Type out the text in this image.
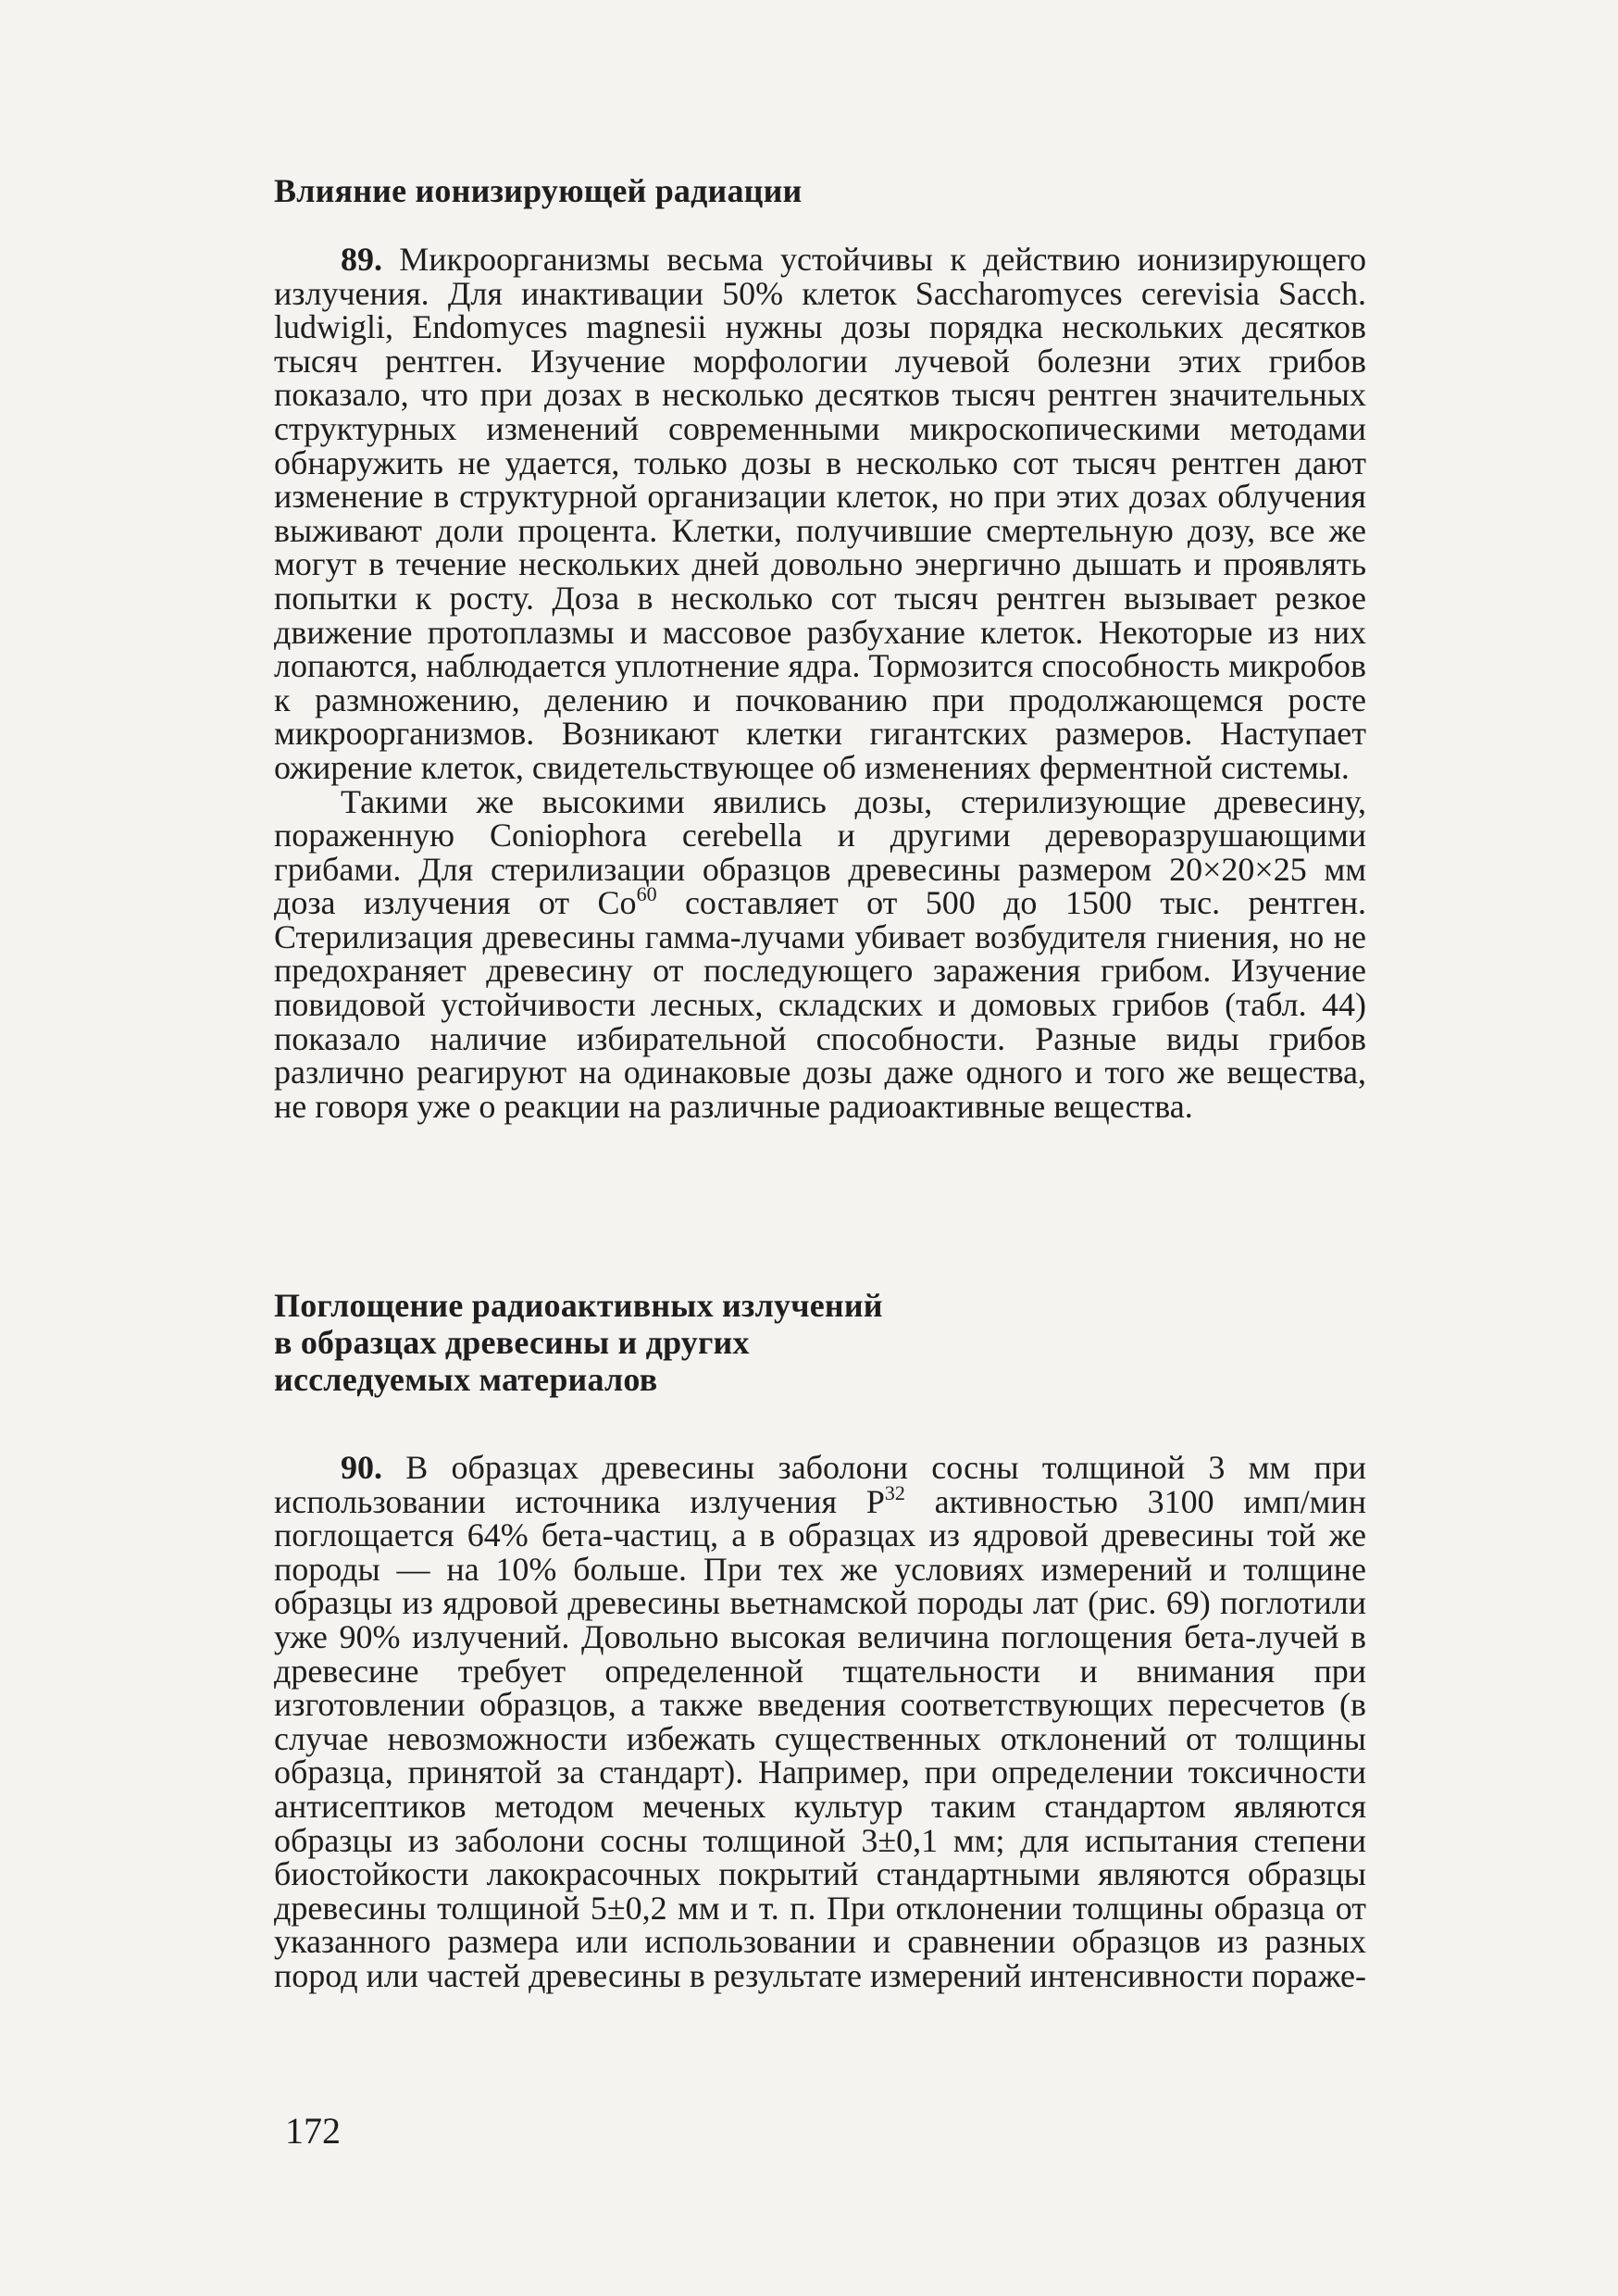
Влияние ионизирующей радиации

89. Микроорганизмы весьма устойчивы к действию ионизирующего излучения. Для инактивации 50% клеток Saccharomyces cerevisia Sacch. ludwigli, Endomyces magnesii нужны дозы порядка нескольких десятков тысяч рентген. Изучение морфологии лучевой болезни этих грибов показало, что при дозах в несколько десятков тысяч рентген значительных структурных изменений современными микроскопическими методами обнаружить не удается, только дозы в несколько сот тысяч рентген дают изменение в структурной организации клеток, но при этих дозах облучения выживают доли процента. Клетки, получившие смертельную дозу, все же могут в течение нескольких дней довольно энергично дышать и проявлять попытки к росту. Доза в несколько сот тысяч рентген вызывает резкое движение протоплазмы и массовое разбухание клеток. Некоторые из них лопаются, наблюдается уплотнение ядра. Тормозится способность микробов к размножению, делению и почкованию при продолжающемся росте микроорганизмов. Возникают клетки гигантских размеров. Наступает ожирение клеток, свидетельствующее об изменениях ферментной системы.

Такими же высокими явились дозы, стерилизующие древесину, пораженную Coniophora cerebella и другими дереворазрушающими грибами. Для стерилизации образцов древесины размером 20×20×25 мм доза излучения от Co$^{60}$ составляет от 500 до 1500 тыс. рентген. Стерилизация древесины гамма-лучами убивает возбудителя гниения, но не предохраняет древесину от последующего заражения грибом. Изучение повидовой устойчивости лесных, складских и домовых грибов (табл. 44) показало наличие избирательной способности. Разные виды грибов различно реагируют на одинаковые дозы даже одного и того же вещества, не говоря уже о реакции на различные радиоактивные вещества.

Поглощение радиоактивных излучений
в образцах древесины и других
исследуемых материалов

90. В образцах древесины заболони сосны толщиной 3 мм при использовании источника излучения $P^{32}$ активностью 3100 имп/мин поглощается 64% бета-частиц, а в образцах из ядровой древесины той же породы — на 10% больше. При тех же условиях измерений и толщине образцы из ядровой древесины вьетнамской породы лат (рис. 69) поглотили уже 90% излучений. Довольно высокая величина поглощения бета-лучей в древесине требует определенной тщательности и внимания при изготовлении образцов, а также введения соответствующих пересчетов (в случае невозможности избежать существенных отклонений от толщины образца, принятой за стандарт). Например, при определении токсичности антисептиков методом меченых культур таким стандартом являются образцы из заболони сосны толщиной 3±0,1 мм; для испытания степени биостойкости лакокрасочных покрытий стандартными являются образцы древесины толщиной 5±0,2 мм и т. п. При отклонении толщины образца от указанного размера или использовании и сравнении образцов из разных пород или частей древесины в результате измерений интенсивности пораже-

172
